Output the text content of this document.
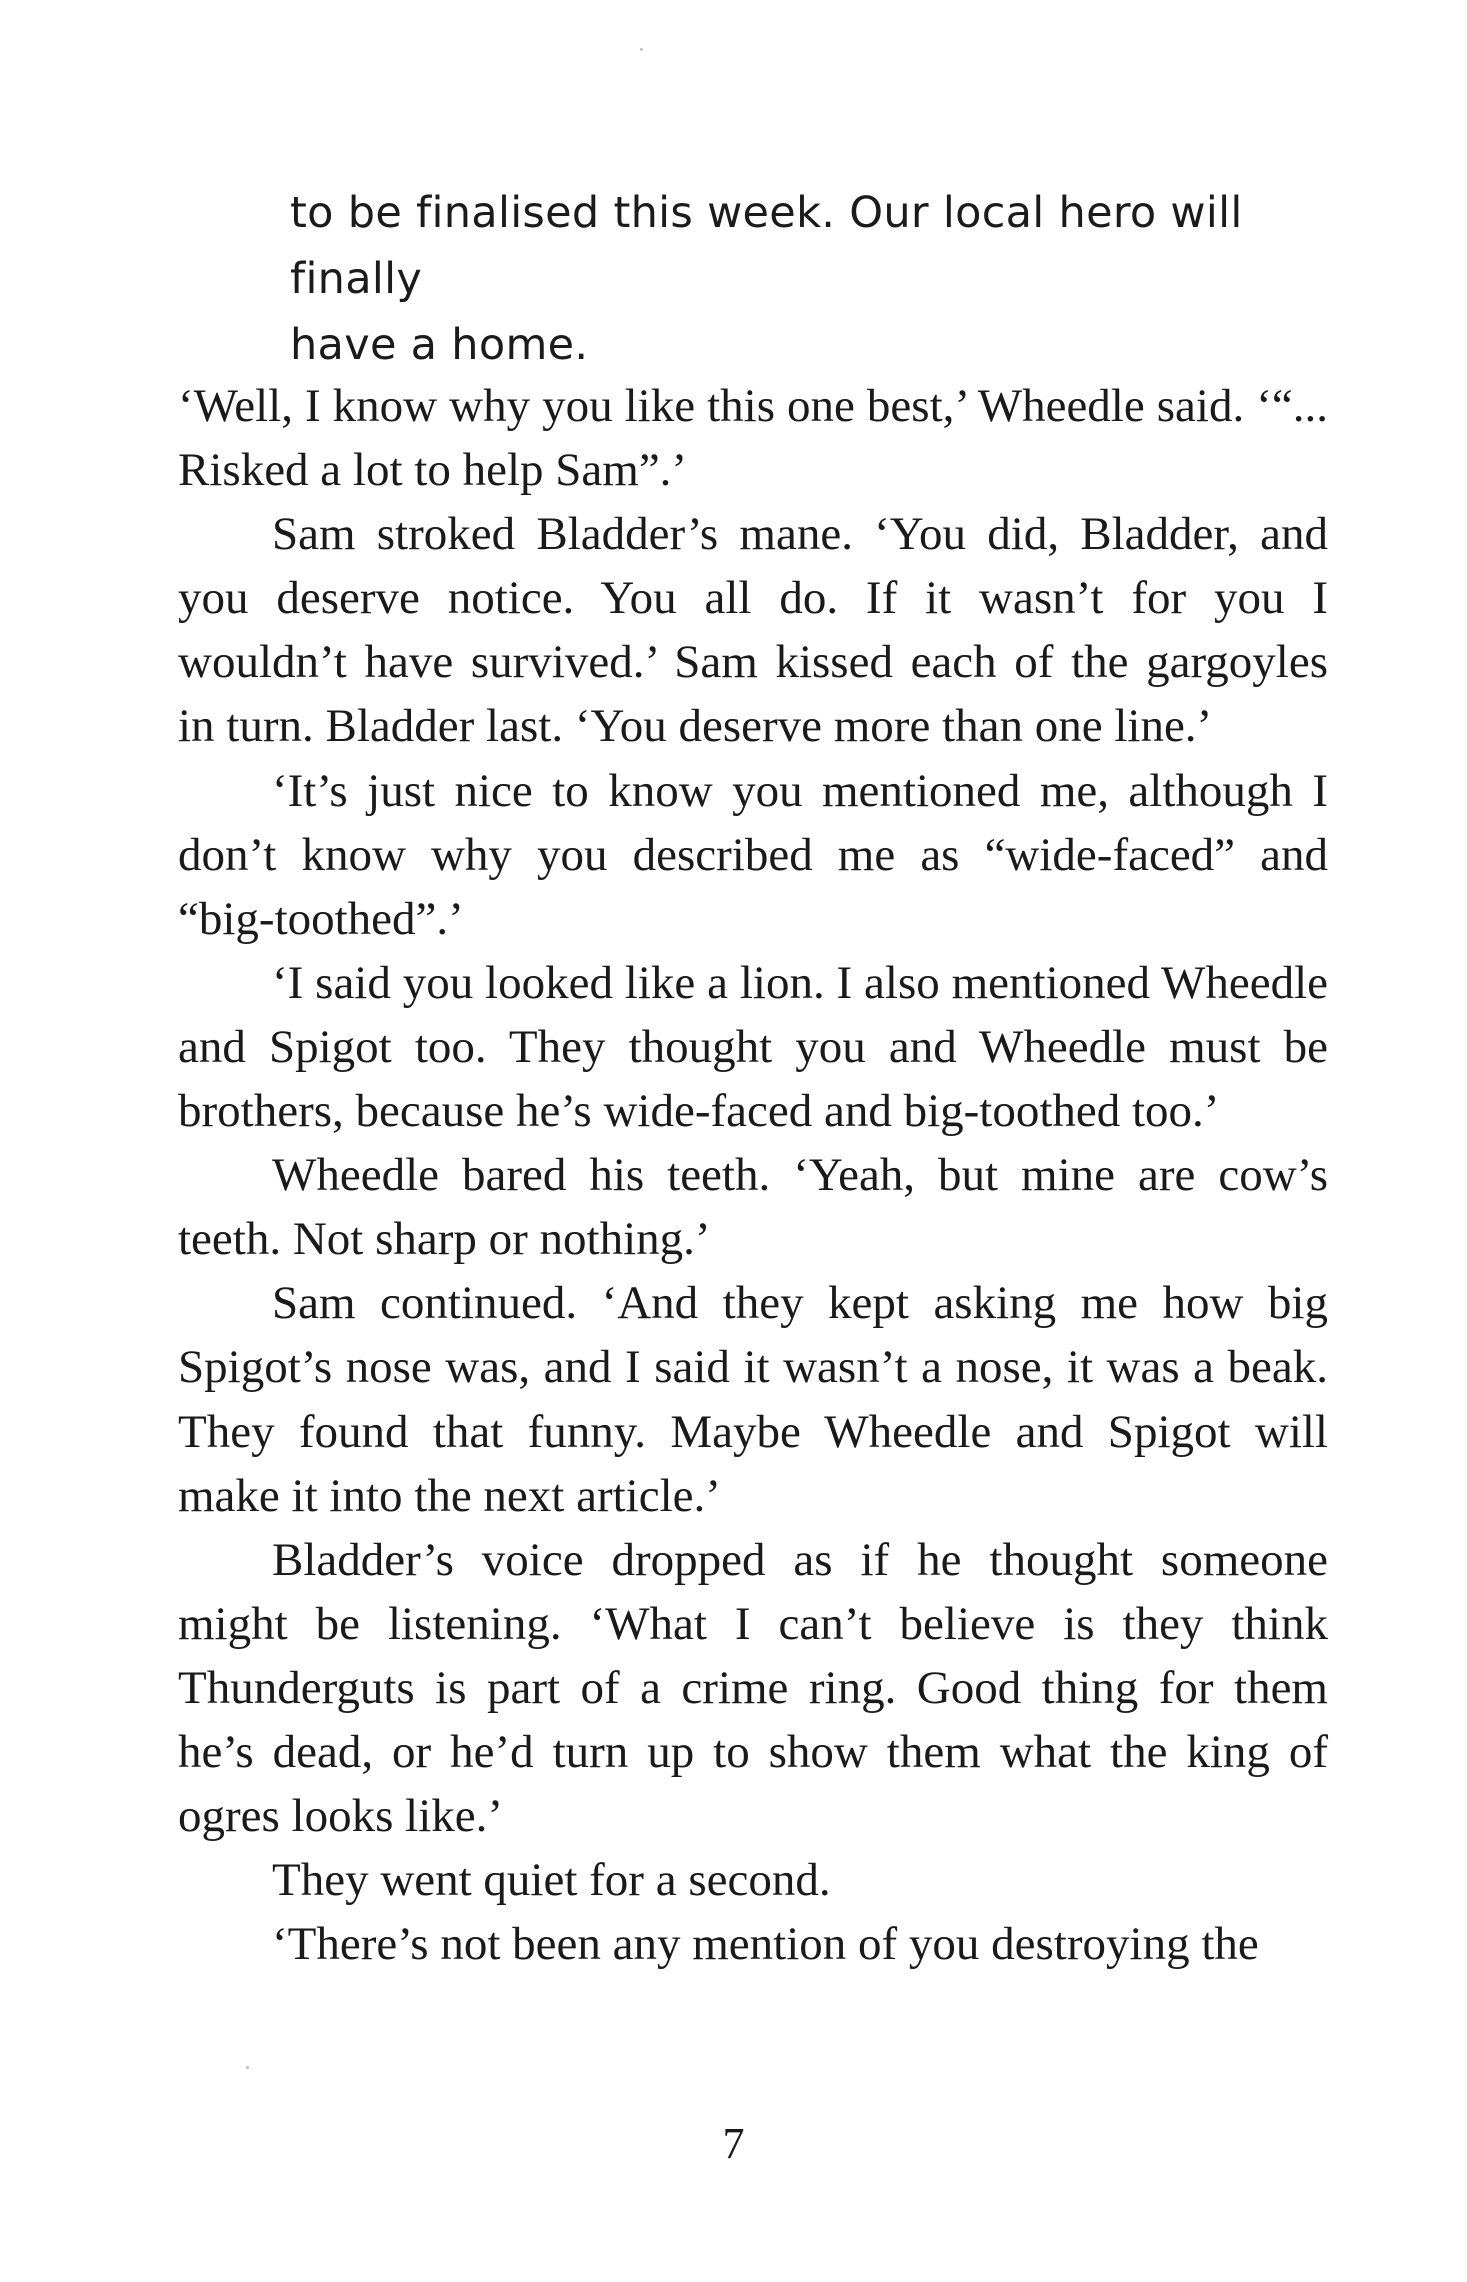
to be finalised this week. Our local hero will finally

have a home.

‘Well, I know why you like this one best,’ Wheedle said. ‘“... Risked a lot to help Sam”.’

Sam stroked Bladder’s mane. ‘You did, Bladder, and you deserve notice. You all do. If it wasn’t for you I wouldn’t have survived.’ Sam kissed each of the gargoyles in turn. Bladder last. ‘You deserve more than one line.’

‘It’s just nice to know you mentioned me, although I don’t know why you described me as “wide-faced” and “big-toothed”.’

‘I said you looked like a lion. I also mentioned Wheedle and Spigot too. They thought you and Wheedle must be brothers, because he’s wide-faced and big-toothed too.’

Wheedle bared his teeth. ‘Yeah, but mine are cow’s teeth. Not sharp or nothing.’

Sam continued. ‘And they kept asking me how big Spigot’s nose was, and I said it wasn’t a nose, it was a beak. They found that funny. Maybe Wheedle and Spigot will make it into the next article.’

Bladder’s voice dropped as if he thought someone might be listening. ‘What I can’t believe is they think Thunderguts is part of a crime ring. Good thing for them he’s dead, or he’d turn up to show them what the king of ogres looks like.’

They went quiet for a second.

‘There’s not been any mention of you destroying the

7
